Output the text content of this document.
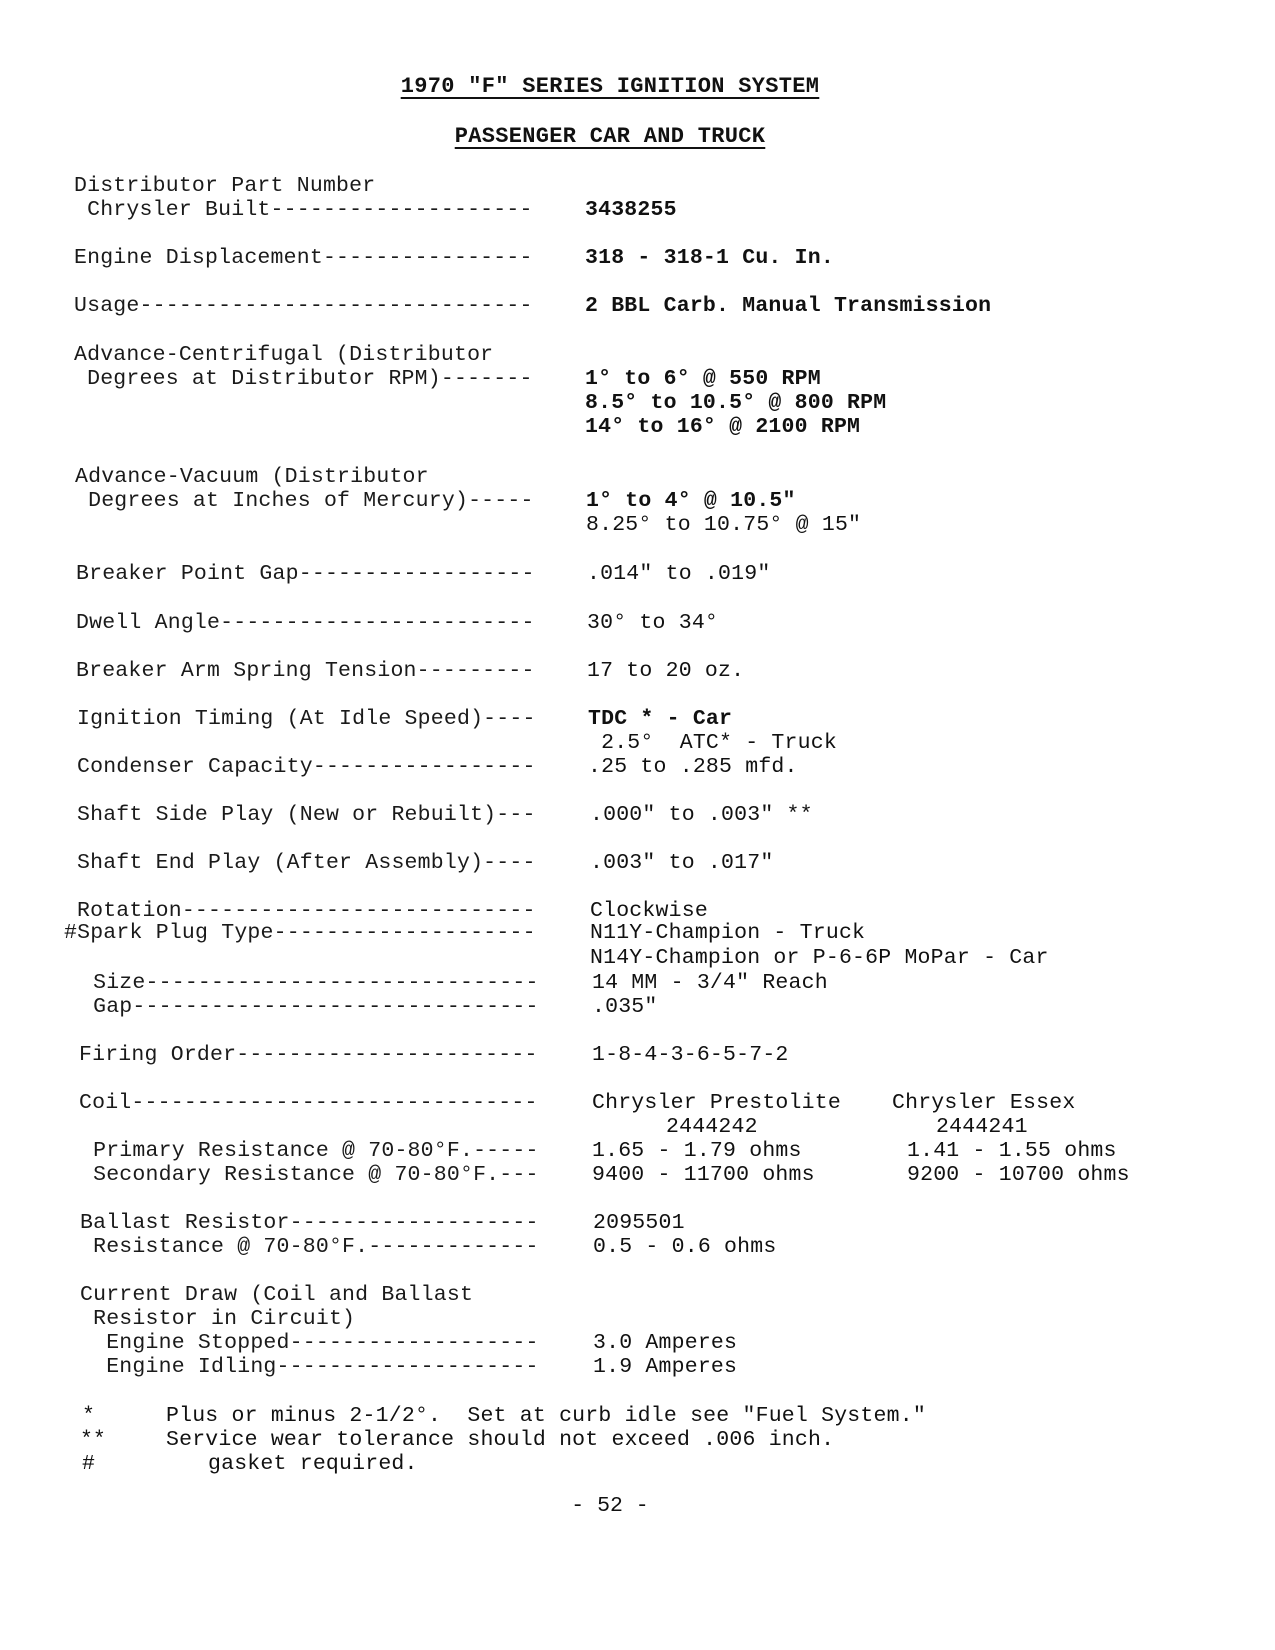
1970 "F" SERIES IGNITION SYSTEM
PASSENGER CAR AND TRUCK
Distributor Part Number
Chrysler Built-------------------- 3438255
Engine Displacement---------------- 318 - 318-1 Cu. In.
Usage------------------------------ 2 BBL Carb. Manual Transmission
Advance-Centrifugal (Distributor
Degrees at Distributor RPM)------- 1° to 6° @ 550 RPM
8.5° to 10.5° @ 800 RPM
14° to 16° @ 2100 RPM
Advance-Vacuum (Distributor
Degrees at Inches of Mercury)----- 1° to 4° @ 10.5"
8.25° to 10.75° @ 15"
Breaker Point Gap------------------ .014" to .019"
Dwell Angle------------------------ 30° to 34°
Breaker Arm Spring Tension--------- 17 to 20 oz.
Ignition Timing (At Idle Speed)---- TDC * - Car
2.5°  ATC* - Truck
Condenser Capacity----------------- .25 to .285 mfd.
Shaft Side Play (New or Rebuilt)---	.000" to .003" **
Shaft End Play (After Assembly)----	.003" to .017"
Rotation---------------------------	Clockwise
#Spark Plug Type--------------------	N11Y-Champion - Truck
N14Y-Champion or P-6-6P MoPar - Car
Size------------------------------ 14 MM - 3/4" Reach
Gap------------------------------- .035"
Firing Order-----------------------	1-8-4-3-6-5-7-2
Coil-------------------------------	Chrysler Prestolite Chrysler Essex
2444242	2444241
Primary Resistance @ 70-80°F.----- 1.65 - 1.79 ohms	1.41 - 1.55 ohms
Secondary Resistance @ 70-80°F.--- 9400 - 11700 ohms	9200 - 10700 ohms
Ballast Resistor-------------------	2095501
Resistance @ 70-80°F.-------------	0.5 - 0.6 ohms
Current Draw (Coil and Ballast
Resistor in Circuit)
Engine Stopped-------------------	3.0 Amperes
Engine Idling--------------------	1.9 Amperes
*	Plus or minus 2-1/2°.  Set at curb idle see "Fuel System."
**	Service wear tolerance should not exceed .006 inch.
#	gasket required.
- 52 -
